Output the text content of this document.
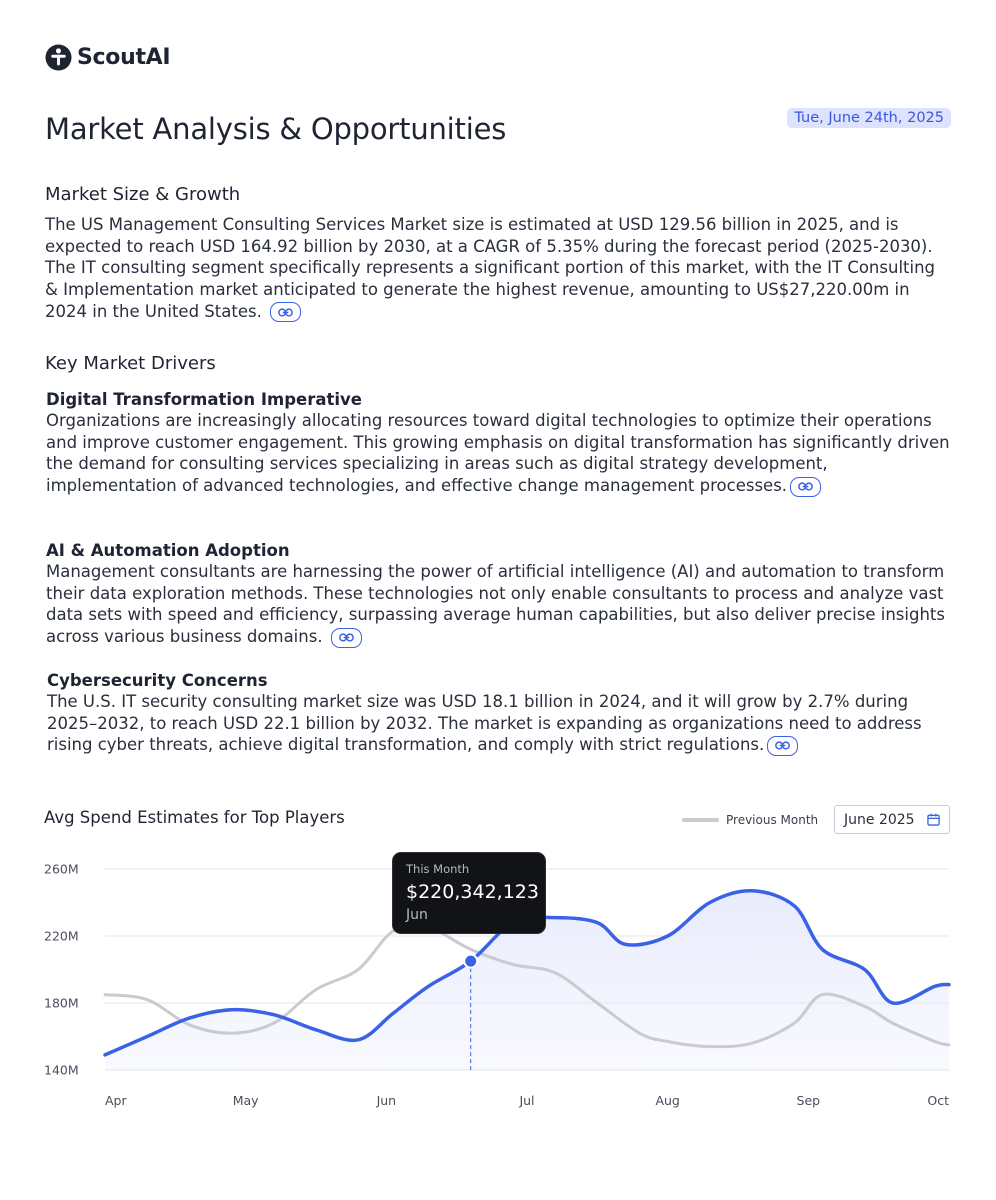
ScoutAI
Market Analysis & Opportunities	Tue, June 24th, 2025
Market Size & Growth

The US Management Consulting Services Market size is estimated at USD 129.56 billion in 2025, and is expected to reach USD 164.92 billion by 2030, at a CAGR of 5.35% during the forecast period (2025-2030). The IT consulting segment specifically represents a significant portion of this market, with the IT Consulting & Implementation market anticipated to generate the highest revenue, amounting to US$27,220.00m in 2024 in the United States.

Key Market Drivers
Digital Transformation Imperative

Organizations are increasingly allocating resources toward digital technologies to optimize their operations and improve customer engagement. This growing emphasis on digital transformation has significantly driven the demand for consulting services specializing in areas such as digital strategy development, implementation of advanced technologies, and effective change management processes.

AI & Automation Adoption

Management consultants are harnessing the power of artificial intelligence (AI) and automation to transform their data exploration methods. These technologies not only enable consultants to process and analyze vast data sets with speed and efficiency, surpassing average human capabilities, but also deliver precise insights across various business domains.

Cybersecurity Concerns

The U.S. IT security consulting market size was USD 18.1 billion in 2024, and it will grow by 2.7% during 2025–2032, to reach USD 22.1 billion by 2032. The market is expanding as organizations need to address rising cyber threats, achieve digital transformation, and comply with strict regulations.

Avg Spend Estimates for Top Players	Previous Month June 2025
260M
220M
180M
140M
Apr	May	Jun	Jul	Aug	Sep	Oct
This Month
$220,342,123
Jun
